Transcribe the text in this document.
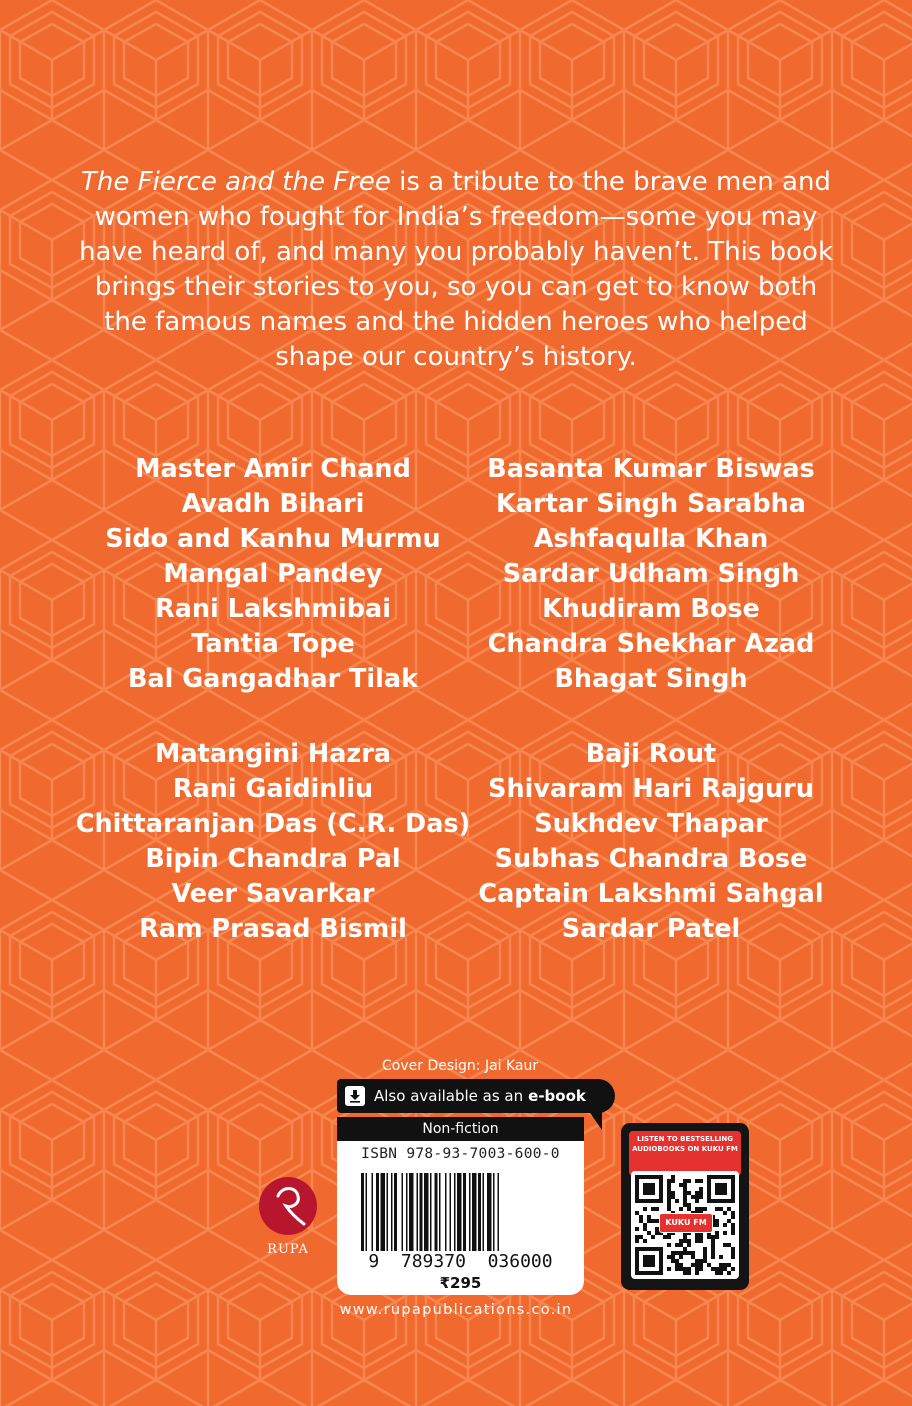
The Fierce and the Free is a tribute to the brave men and women who fought for India’s freedom—some you may have heard of, and many you probably haven’t. This book brings their stories to you, so you can get to know both the famous names and the hidden heroes who helped shape our country’s history.
Master Amir Chand
Avadh Bihari
Sido and Kanhu Murmu
Mangal Pandey
Rani Lakshmibai
Tantia Tope
Bal Gangadhar Tilak
Basanta Kumar Biswas
Kartar Singh Sarabha
Ashfaqulla Khan
Sardar Udham Singh
Khudiram Bose
Chandra Shekhar Azad
Bhagat Singh
Matangini Hazra
Rani Gaidinliu
Chittaranjan Das (C.R. Das)
Bipin Chandra Pal
Veer Savarkar
Ram Prasad Bismil
Baji Rout
Shivaram Hari Rajguru
Sukhdev Thapar
Subhas Chandra Bose
Captain Lakshmi Sahgal
Sardar Patel
Cover Design: Jai Kaur
Also available as an e-book
Non-fiction
ISBN 978-93-7003-600-0
9  789370  036000
₹295
RUPA
LISTEN TO BESTSELLING AUDIOBOOKS ON KUKU FM
KUKU FM
www.rupapublications.co.in
